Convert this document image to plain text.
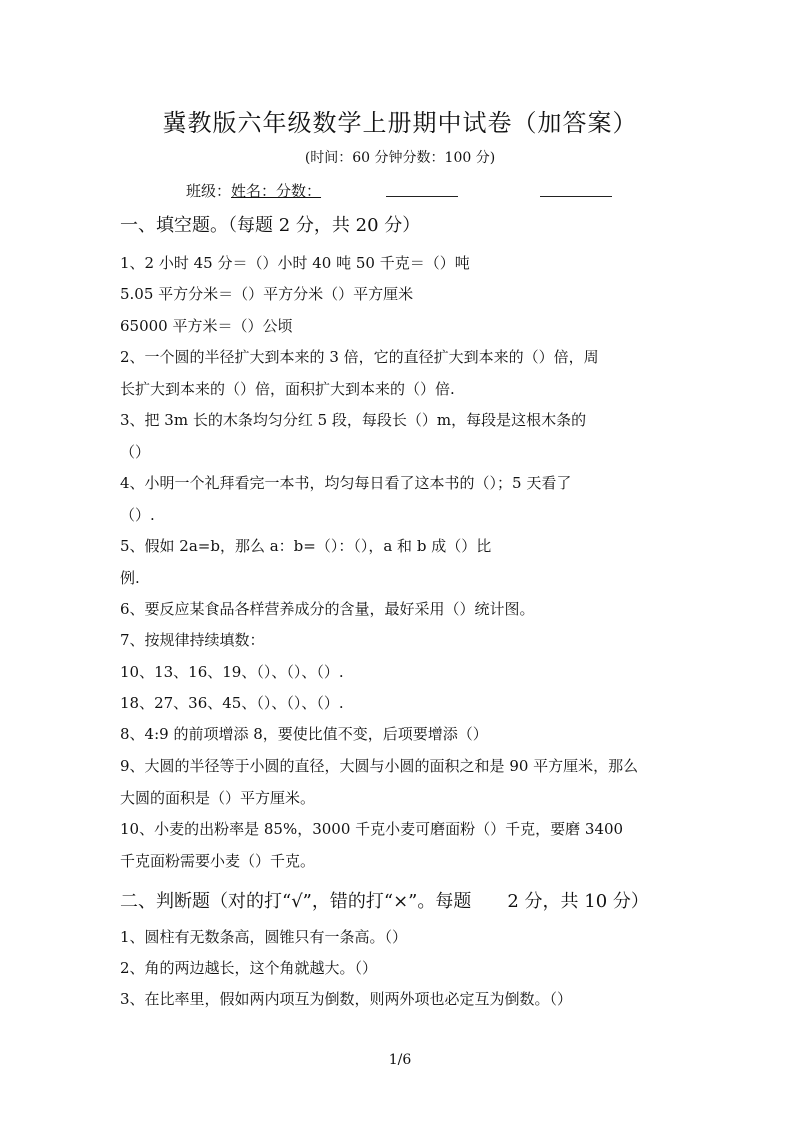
冀教版六年级数学上册期中试卷（加答案）
(时间：60 分钟分数：100 分)
班级：姓名：分数：
一、填空题。（每题 2 分，共 20 分）
1、2 小时 45 分＝（）小时 40 吨 50 千克＝（）吨
5.05 平方分米＝（）平方分米（）平方厘米
65000 平方米＝（）公顷
2、一个圆的半径扩大到本来的 3 倍，它的直径扩大到本来的（）倍，周
长扩大到本来的（）倍，面积扩大到本来的（）倍.
3、把 3m 长的木条均匀分红 5 段，每段长（）m，每段是这根木条的
（）
4、小明一个礼拜看完一本书，均匀每日看了这本书的（）；5 天看了
（）.
5、假如 2a=b，那么 a：b=（）：（），a 和 b 成（）比
例.
6、要反应某食品各样营养成分的含量，最好采用（）统计图。
7、按规律持续填数：
10、13、16、19、（）、（）、（）.
18、27、36、45、（）、（）、（）.
8、4:9 的前项增添 8，要使比值不变，后项要增添（）
9、大圆的半径等于小圆的直径，大圆与小圆的面积之和是 90 平方厘米，那么
大圆的面积是（）平方厘米。
10、小麦的出粉率是 85%，3000 千克小麦可磨面粉（）千克，要磨 3400
千克面粉需要小麦（）千克。
二、判断题（对的打“√”，错的打“×”。每题　　2 分，共 10 分）
1、圆柱有无数条高，圆锥只有一条高。（）
2、角的两边越长，这个角就越大。（）
3、在比率里，假如两内项互为倒数，则两外项也必定互为倒数。（）
1/6
